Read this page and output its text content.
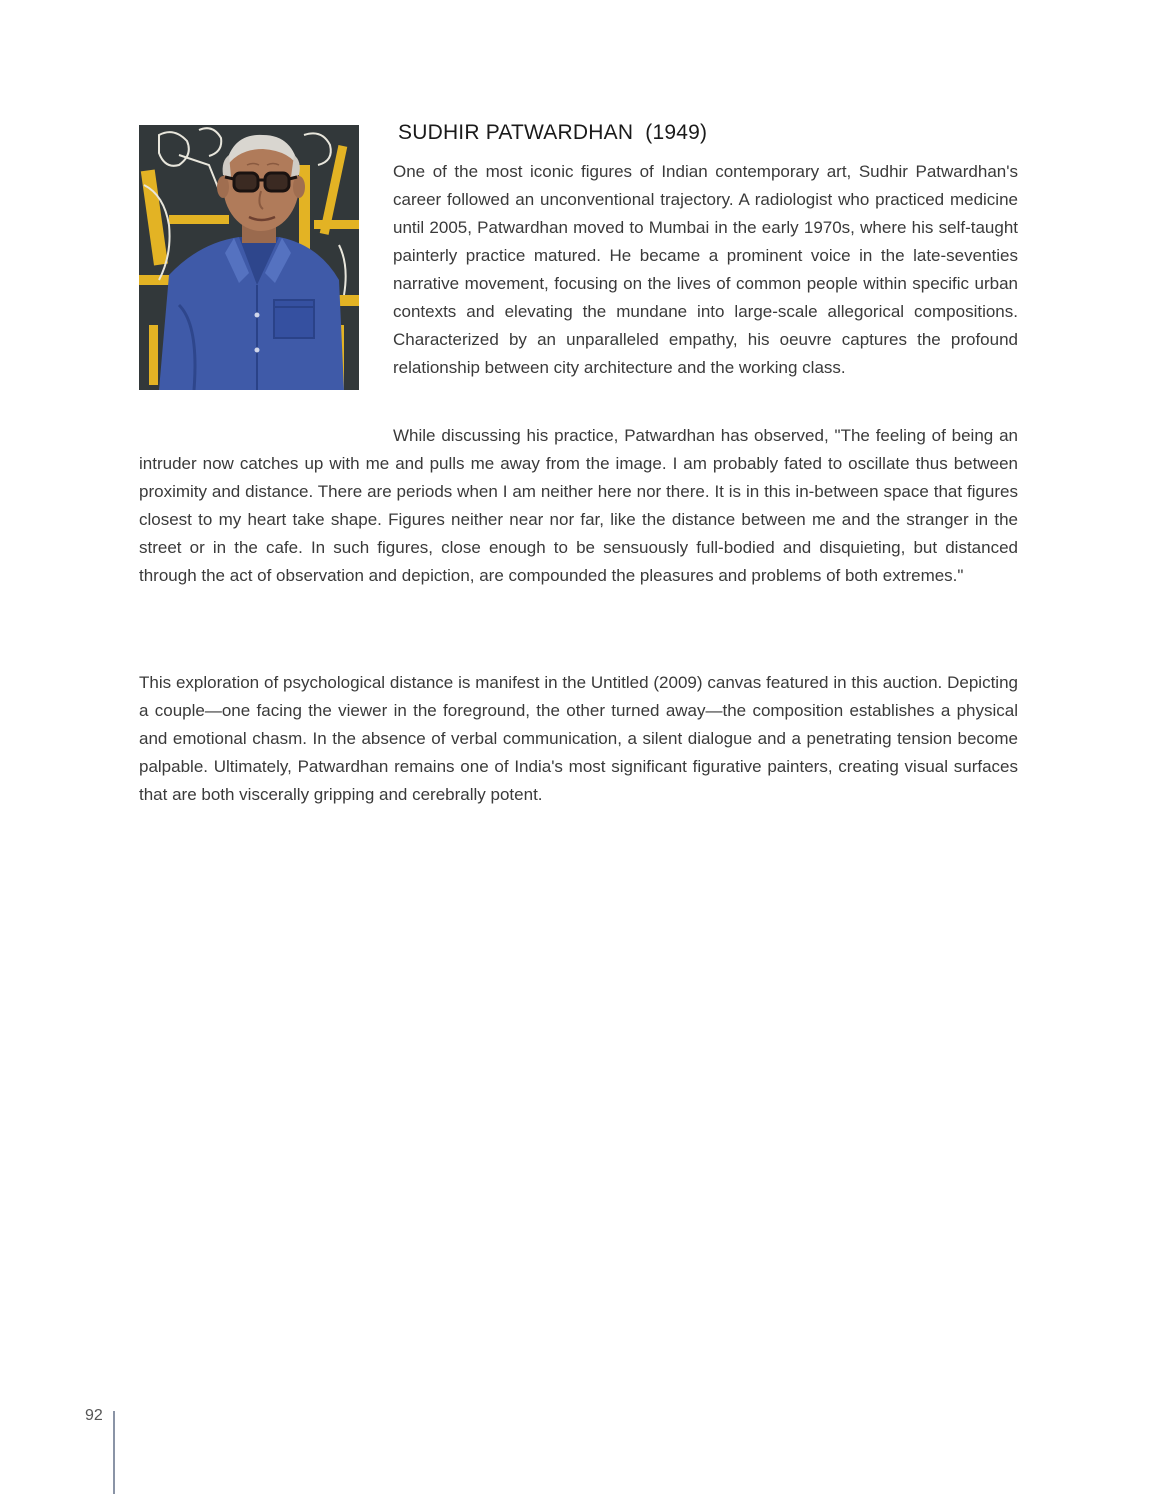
SUDHIR PATWARDHAN  (1949)

One of the most iconic figures of Indian contemporary art, Sudhir Patwardhan's career followed an unconventional trajectory. A radiologist who practiced medicine until 2005, Patwardhan moved to Mumbai in the early 1970s, where his self-taught painterly practice matured. He became a prominent voice in the late-seventies narrative movement, focusing on the lives of common people within specific urban contexts and elevating the mundane into large-scale allegorical compositions. Characterized by an unparalleled empathy, his oeuvre captures the profound relationship between city architecture and the working class.

While discussing his practice, Patwardhan has observed, "The feeling of being an intruder now catches up with me and pulls me away from the image. I am probably fated to oscillate thus between proximity and distance. There are periods when I am neither here nor there. It is in this in-between space that figures closest to my heart take shape. Figures neither near nor far, like the distance between me and the stranger in the street or in the cafe. In such figures, close enough to be sensuously full-bodied and disquieting, but distanced through the act of observation and depiction, are compounded the pleasures and problems of both extremes."

This exploration of psychological distance is manifest in the Untitled (2009) canvas featured in this auction. Depicting a couple—one facing the viewer in the foreground, the other turned away—the composition establishes a physical and emotional chasm. In the absence of verbal communication, a silent dialogue and a penetrating tension become palpable. Ultimately, Patwardhan remains one of India's most significant figurative painters, creating visual surfaces that are both viscerally gripping and cerebrally potent.

92
